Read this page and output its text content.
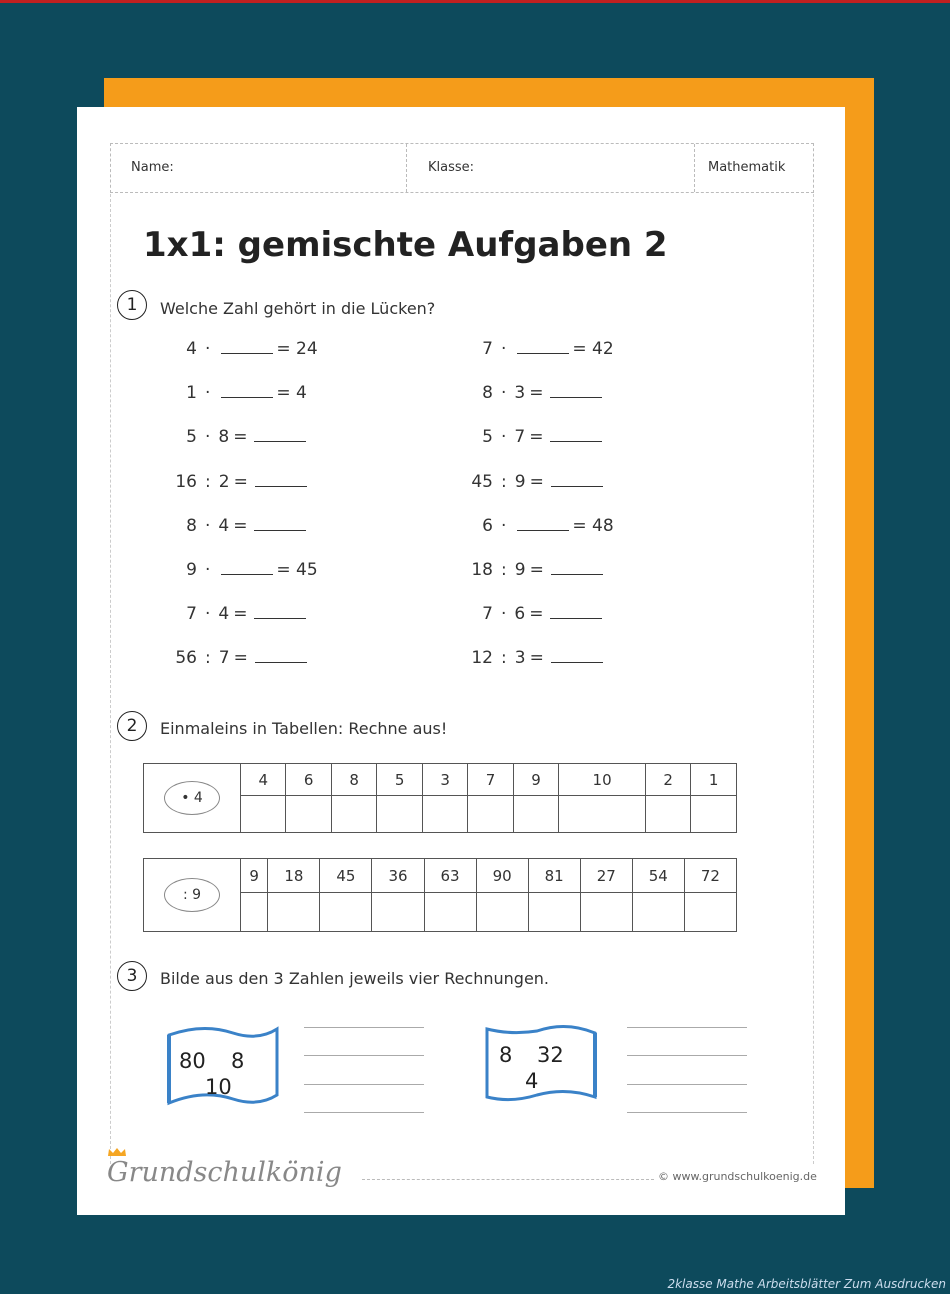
Name:	Klasse:	Mathematik
1x1: gemischte Aufgaben 2
1	Welche Zahl gehört in die Lücken?
4 ·	= 24
1 ·	= 4
5 · 8 =
16 : 2 =
8 · 4 =
9 ·	= 45
7 · 4 =
56 : 7 =
7 ·	= 42
8 · 3 =
5 · 7 =
45 : 9 =
6 ·	= 48
18 : 9 =
7 · 6 =
12 : 3 =
2	Einmaleins in Tabellen: Rechne aus!
• 4	4	6	8	5	3	7	9	10	2	1

: 9	9	18	45	36	63	90	81	27	54	72

3	Bilde aus den 3 Zahlen jeweils vier Rechnungen.
80 8
10
8 32
4
Grundschulkönig	© www.grundschulkoenig.de
2klasse Mathe Arbeitsblätter Zum Ausdrucken
